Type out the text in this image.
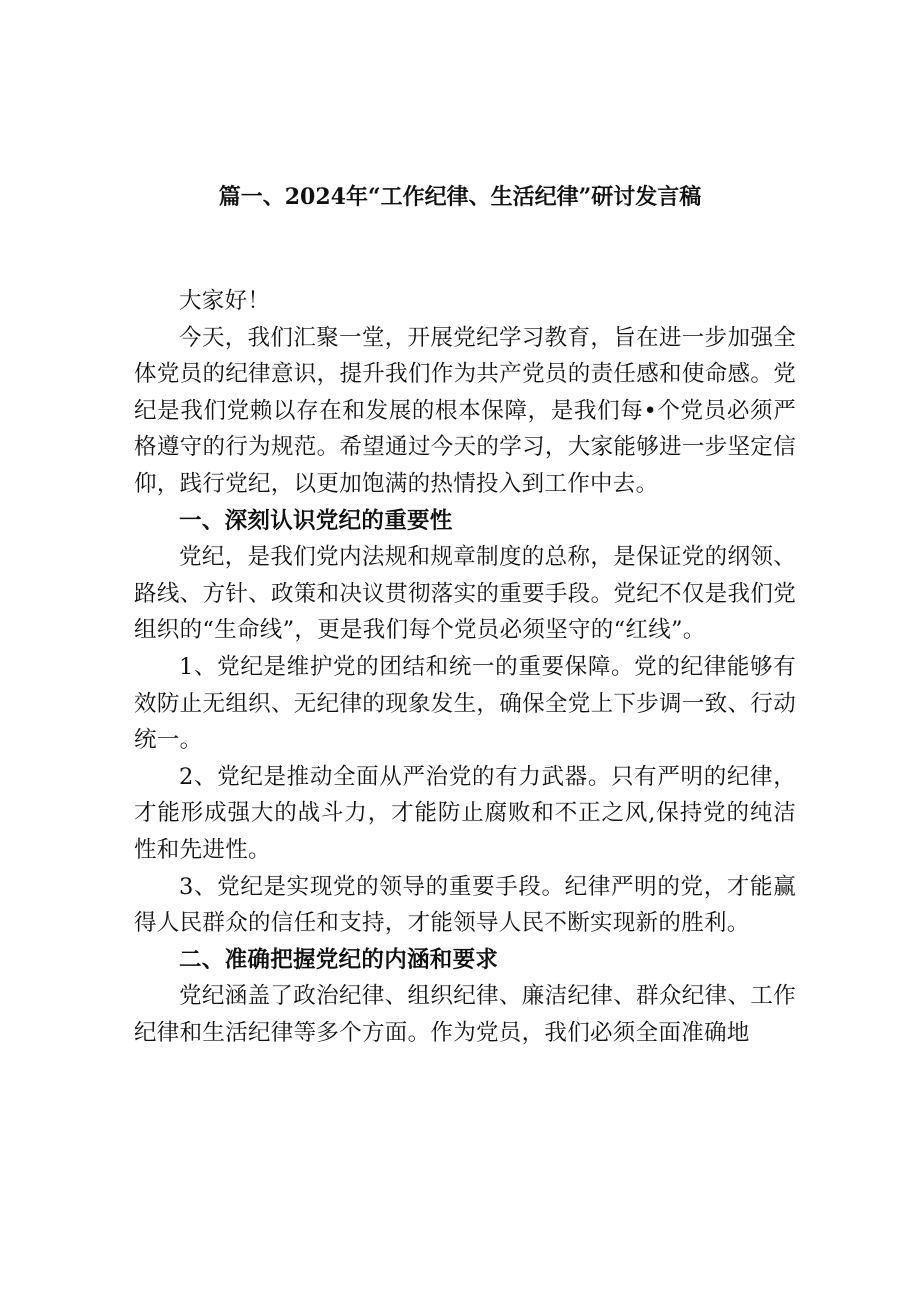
篇一、2024年“工作纪律、生活纪律”研讨发言稿

大家好！

今天，我们汇聚一堂，开展党纪学习教育，旨在进一步加强全体党员的纪律意识，提升我们作为共产党员的责任感和使命感。党纪是我们党赖以存在和发展的根本保障，是我们每•个党员必须严格遵守的行为规范。希望通过今天的学习，大家能够进一步坚定信仰，践行党纪，以更加饱满的热情投入到工作中去。

一、深刻认识党纪的重要性

党纪，是我们党内法规和规章制度的总称，是保证党的纲领、路线、方针、政策和决议贯彻落实的重要手段。党纪不仅是我们党组织的“生命线”，更是我们每个党员必须坚守的“红线”。

1、党纪是维护党的团结和统一的重要保障。党的纪律能够有效防止无组织、无纪律的现象发生，确保全党上下步调一致、行动统一。

2、党纪是推动全面从严治党的有力武器。只有严明的纪律，才能形成强大的战斗力，才能防止腐败和不正之风,保持党的纯洁性和先进性。

3、党纪是实现党的领导的重要手段。纪律严明的党，才能赢得人民群众的信任和支持，才能领导人民不断实现新的胜利。

二、准确把握党纪的内涵和要求

党纪涵盖了政治纪律、组织纪律、廉洁纪律、群众纪律、工作纪律和生活纪律等多个方面。作为党员，我们必须全面准确地
